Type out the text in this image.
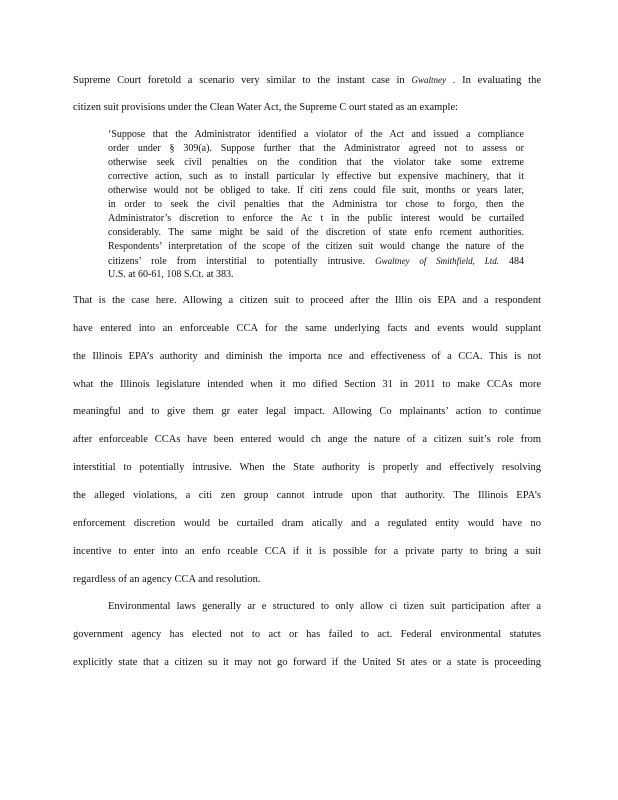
Supreme Court foretold a scenario very similar to the instant case in Gwaltney . In evaluating the
citizen suit provisions under the Clean Water Act, the Supreme C ourt stated as an example:
‘Suppose that the Administrator identified a violator of the Act and issued a compliance
order under § 309(a). Suppose further that the Administrator agreed not to assess or
otherwise seek civil penalties on the condition that the violator take some extreme
corrective action, such as to install particular ly effective but expensive machinery, that it
otherwise would not be obliged to take. If citi zens could file suit, months or years later,
in order to seek the civil penalties that the Administra tor chose to forgo, then the
Administrator’s discretion to enforce the Ac t in the public interest would be curtailed
considerably. The same might be said of the discretion of state enfo rcement authorities.
Respondents’ interpretation of the scope of the citizen suit would change the nature of the
citizens’ role from interstitial to potentially intrusive. Gwaltney of Smithfield, Ltd. 484
U.S. at 60-61, 108 S.Ct. at 383.
That is the case here. Allowing a citizen suit to proceed after the Illin ois EPA and a respondent
have entered into an enforceable CCA for the same underlying facts and events would supplant
the Illinois EPA’s authority and diminish the importa nce and effectiveness of a CCA. This is not
what the Illinois legislature intended when it mo dified Section 31 in 2011 to make CCAs more
meaningful and to give them gr eater legal impact. Allowing Co mplainants’ action to continue
after enforceable CCAs have been entered would ch ange the nature of a citizen suit’s role from
interstitial to potentially intrusive. When the State authority is properly and effectively resolving
the alleged violations, a citi zen group cannot intrude upon that authority. The Illinois EPA’s
enforcement discretion would be curtailed dram atically and a regulated entity would have no
incentive to enter into an enfo rceable CCA if it is possible for a private party to bring a suit
regardless of an agency CCA and resolution.
Environmental laws generally ar e structured to only allow ci tizen suit participation after a
government agency has elected not to act or has failed to act. Federal environmental statutes
explicitly state that a citizen su it may not go forward if the United St ates or a state is proceeding
